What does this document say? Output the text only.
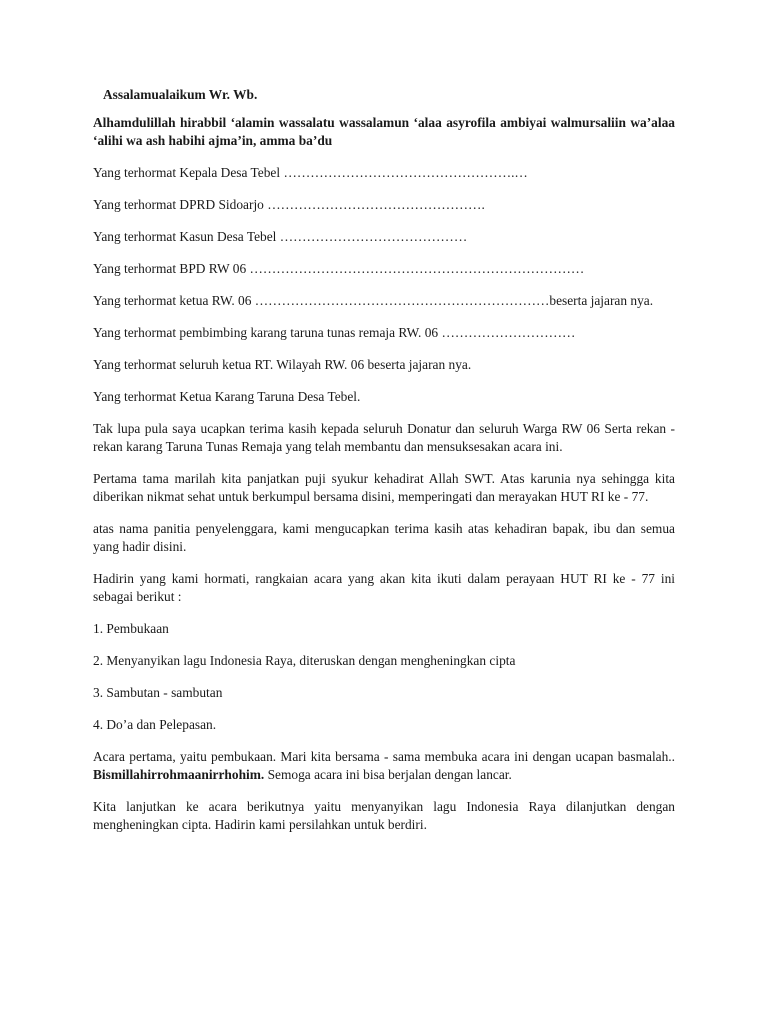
Assalamualaikum Wr. Wb.

Alhamdulillah hirabbil ‘alamin wassalatu wassalamun ‘alaa asyrofila ambiyai walmursaliin wa’alaa ‘alihi wa ash habihi ajma’in, amma ba’du

Yang terhormat Kepala Desa Tebel …………………………………………….…

Yang terhormat DPRD Sidoarjo ………………………………………….

Yang terhormat Kasun Desa Tebel ……………………………………

Yang terhormat BPD RW 06 …………………………………………………………………

Yang terhormat ketua RW. 06 …………………………………………………………beserta jajaran nya.

Yang terhormat pembimbing karang taruna tunas remaja RW. 06 …………………………

Yang terhormat seluruh ketua RT. Wilayah RW. 06 beserta jajaran nya.

Yang terhormat Ketua Karang Taruna Desa Tebel.

Tak lupa pula saya ucapkan terima kasih kepada seluruh Donatur dan seluruh Warga RW 06 Serta rekan - rekan karang Taruna Tunas Remaja yang telah membantu dan mensuksesakan acara ini.

Pertama tama marilah kita panjatkan puji syukur kehadirat Allah SWT. Atas karunia nya sehingga kita diberikan nikmat sehat untuk berkumpul bersama disini, memperingati dan merayakan HUT RI ke - 77.

atas nama panitia penyelenggara, kami mengucapkan terima kasih atas kehadiran bapak, ibu dan semua yang hadir disini.

Hadirin yang kami hormati, rangkaian acara yang akan kita ikuti dalam perayaan HUT RI ke - 77 ini sebagai berikut :

1. Pembukaan

2. Menyanyikan lagu Indonesia Raya, diteruskan dengan mengheningkan cipta

3. Sambutan - sambutan

4. Do’a dan Pelepasan.

Acara pertama, yaitu pembukaan. Mari kita bersama - sama membuka acara ini dengan ucapan basmalah.. Bismillahirrohmaanirrhohim. Semoga acara ini bisa berjalan dengan lancar.

Kita lanjutkan ke acara berikutnya yaitu menyanyikan lagu Indonesia Raya dilanjutkan dengan mengheningkan cipta. Hadirin kami persilahkan untuk berdiri.
